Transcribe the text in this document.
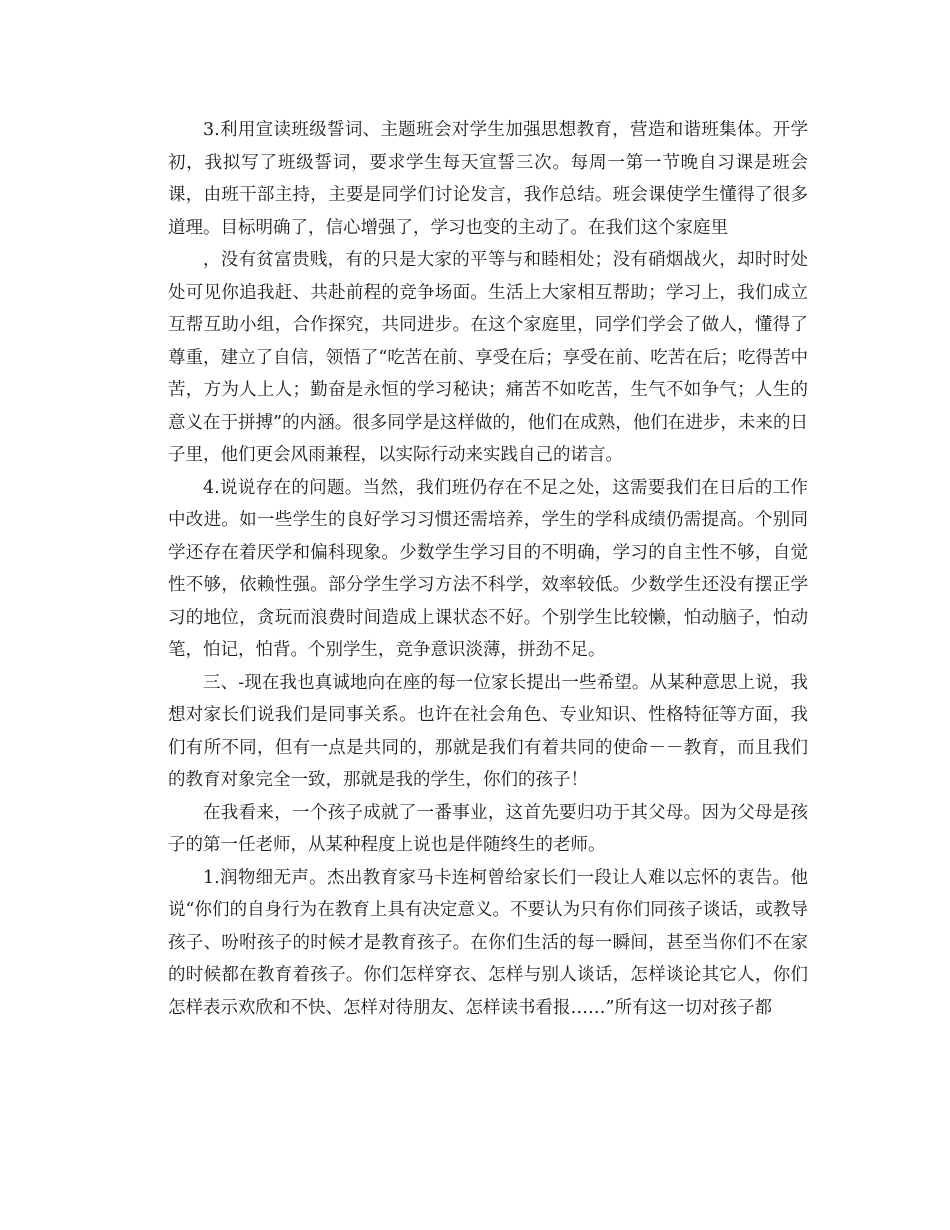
3.利用宣读班级誓词、主题班会对学生加强思想教育，营造和谐班集体。开学初，我拟写了班级誓词，要求学生每天宣誓三次。每周一第一节晚自习课是班会课，由班干部主持，主要是同学们讨论发言，我作总结。班会课使学生懂得了很多道理。目标明确了，信心增强了，学习也变的主动了。在我们这个家庭里

，没有贫富贵贱，有的只是大家的平等与和睦相处；没有硝烟战火，却时时处处可见你追我赶、共赴前程的竞争场面。生活上大家相互帮助；学习上，我们成立互帮互助小组，合作探究，共同进步。在这个家庭里，同学们学会了做人，懂得了尊重，建立了自信，领悟了“吃苦在前、享受在后；享受在前、吃苦在后；吃得苦中苦，方为人上人；勤奋是永恒的学习秘诀；痛苦不如吃苦，生气不如争气；人生的意义在于拼搏”的内涵。很多同学是这样做的，他们在成熟，他们在进步，未来的日子里，他们更会风雨兼程，以实际行动来实践自己的诺言。

4.说说存在的问题。当然，我们班仍存在不足之处，这需要我们在日后的工作中改进。如一些学生的良好学习习惯还需培养，学生的学科成绩仍需提高。个别同学还存在着厌学和偏科现象。少数学生学习目的不明确，学习的自主性不够，自觉性不够，依赖性强。部分学生学习方法不科学，效率较低。少数学生还没有摆正学习的地位，贪玩而浪费时间造成上课状态不好。个别学生比较懒，怕动脑子，怕动笔，怕记，怕背。个别学生，竞争意识淡薄，拼劲不足。

三、-现在我也真诚地向在座的每一位家长提出一些希望。从某种意思上说，我想对家长们说我们是同事关系。也许在社会角色、专业知识、性格特征等方面，我们有所不同，但有一点是共同的，那就是我们有着共同的使命－－教育，而且我们的教育对象完全一致，那就是我的学生，你们的孩子！

在我看来，一个孩子成就了一番事业，这首先要归功于其父母。因为父母是孩子的第一任老师，从某种程度上说也是伴随终生的老师。

1.润物细无声。杰出教育家马卡连柯曾给家长们一段让人难以忘怀的衷告。他说“你们的自身行为在教育上具有决定意义。不要认为只有你们同孩子谈话，或教导孩子、吩咐孩子的时候才是教育孩子。在你们生活的每一瞬间，甚至当你们不在家的时候都在教育着孩子。你们怎样穿衣、怎样与别人谈话，怎样谈论其它人，你们怎样表示欢欣和不快、怎样对待朋友、怎样读书看报……”所有这一切对孩子都
